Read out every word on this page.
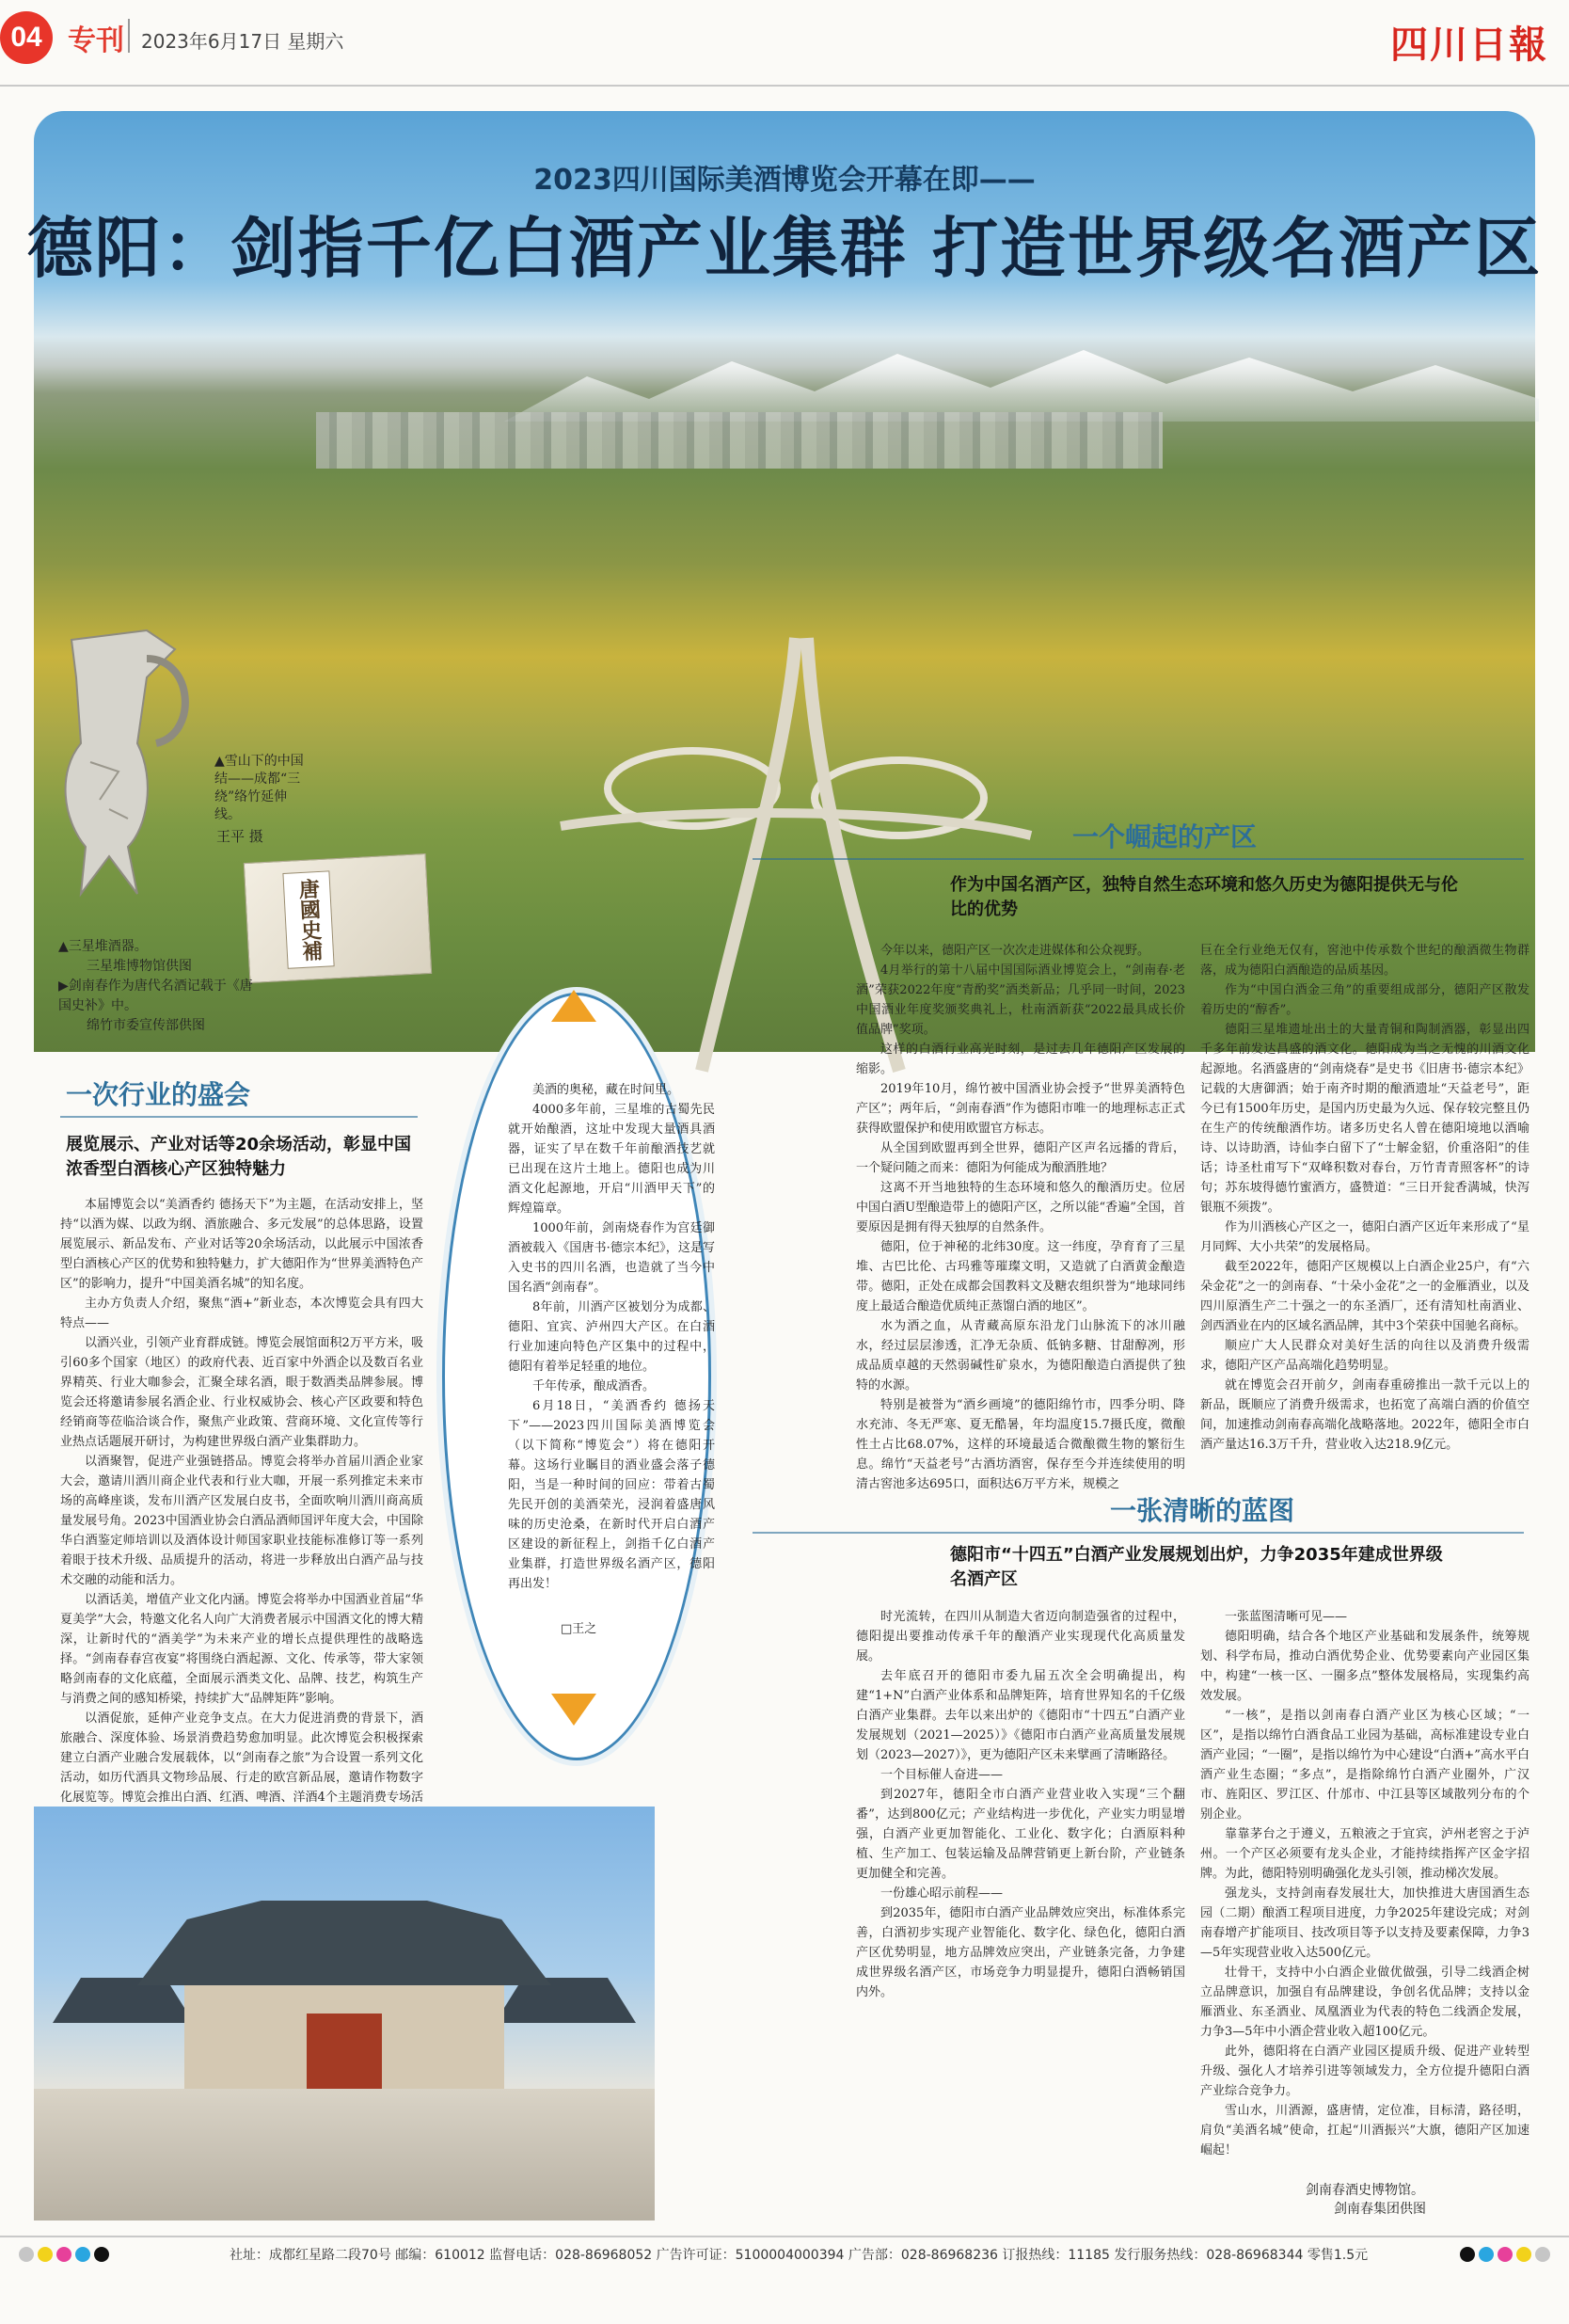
04 专刊 2023年6月17日 星期六	四川日報
2023四川国际美酒博览会开幕在即——
德阳：剑指千亿白酒产业集群 打造世界级名酒产区
▲雪山下的中国结——成都“三绕”络竹延伸线。
王平 摄
唐國史補
▲三星堆酒器。
三星堆博物馆供图
▶剑南春作为唐代名酒记载于《唐国史补》中。
绵竹市委宣传部供图
一次行业的盛会
展览展示、产业对话等20余场活动，彰显中国浓香型白酒核心产区独特魅力

本届博览会以“美酒香约 德扬天下”为主题，在活动安排上，坚持“以酒为媒、以政为纲、酒旅融合、多元发展”的总体思路，设置展览展示、新品发布、产业对话等20余场活动，以此展示中国浓香型白酒核心产区的优势和独特魅力，扩大德阳作为“世界美酒特色产区”的影响力，提升“中国美酒名城”的知名度。

主办方负责人介绍，聚焦“酒+”新业态，本次博览会具有四大特点——

以酒兴业，引领产业育群成链。博览会展馆面积2万平方米，吸引60多个国家（地区）的政府代表、近百家中外酒企以及数百名业界精英、行业大咖参会，汇聚全球名酒，眼于数酒类品牌参展。博览会还将邀请参展名酒企业、行业权威协会、核心产区政要和特色经销商等莅临洽谈合作，聚焦产业政策、营商环境、文化宣传等行业热点话题展开研讨，为构建世界级白酒产业集群助力。

以酒聚智，促进产业强链搭品。博览会将举办首届川酒企业家大会，邀请川酒川商企业代表和行业大咖，开展一系列推定未来市场的高峰座谈，发布川酒产区发展白皮书，全面吹响川酒川商高质量发展号角。2023中国酒业协会白酒品酒师国评年度大会，中国除华白酒鉴定师培训以及酒体设计师国家职业技能标准修订等一系列着眼于技术升级、品质提升的活动，将进一步释放出白酒产品与技术交融的动能和活力。

以酒话美，增值产业文化内涵。博览会将举办中国酒业首届“华夏美学”大会，特邀文化名人向广大消费者展示中国酒文化的博大精深，让新时代的“酒美学”为未来产业的增长点提供理性的战略选择。“剑南春春宫夜宴”将围绕白酒起源、文化、传承等，带大家领略剑南春的文化底蕴，全面展示酒类文化、品牌、技艺，构筑生产与消费之间的感知桥梁，持续扩大“品牌矩阵”影响。

以酒促旅，延伸产业竞争支点。在大力促进消费的背景下，酒旅融合、深度体验、场景消费趋势愈加明显。此次博览会积极探索建立白酒产业融合发展载体，以“剑南春之旅”为合设置一系列文化活动，如历代酒具文物珍品展、行走的欧宫新品展，邀请作物数字化展览等。博览会推出白酒、红酒、啤酒、洋酒4个主题消费专场活

美酒的奥秘，藏在时间里。

4000多年前，三星堆的古蜀先民就开始酿酒，这址中发现大量酒具酒器，证实了早在数千年前酿酒技艺就已出现在这片土地上。德阳也成为川酒文化起源地，开启“川酒甲天下”的辉煌篇章。

1000年前，剑南烧春作为宫廷御酒被载入《国唐书·德宗本纪》，这是写入史书的四川名酒，也造就了当今中国名酒“剑南春”。

8年前，川酒产区被划分为成都、德阳、宜宾、泸州四大产区。在白酒行业加速向特色产区集中的过程中，德阳有着举足轻重的地位。

千年传承，酿成酒香。

6月18日，“美酒香约 德扬天下”——2023四川国际美酒博览会（以下简称“博览会”）将在德阳开幕。这场行业瞩目的酒业盛会落子德阳，当是一种时间的回应：带着古蜀先民开创的美酒荣光，浸润着盛唐风味的历史沧桑，在新时代开启白酒产区建设的新征程上，剑指千亿白酒产业集群，打造世界级名酒产区，德阳再出发！

□王之
一个崛起的产区
作为中国名酒产区，独特自然生态环境和悠久历史为德阳提供无与伦比的优势

今年以来，德阳产区一次次走进媒体和公众视野。

4月举行的第十八届中国国际酒业博览会上，“剑南春·老酒”荣获2022年度“青酌奖”酒类新品；几乎同一时间，2023中国酒业年度奖颁奖典礼上，杜南酒新获“2022最具成长价值品牌”奖项。

这样的白酒行业高光时刻，是过去几年德阳产区发展的缩影。

2019年10月，绵竹被中国酒业协会授予“世界美酒特色产区”；两年后，“剑南春酒”作为德阳市唯一的地理标志正式获得欧盟保护和使用欧盟官方标志。

从全国到欧盟再到全世界，德阳产区声名远播的背后，一个疑问随之而来：德阳为何能成为酿酒胜地？

这离不开当地独特的生态环境和悠久的酿酒历史。位居中国白酒U型酿造带上的德阳产区，之所以能“香遍”全国，首要原因是拥有得天独厚的自然条件。

德阳，位于神秘的北纬30度。这一纬度，孕育育了三星堆、古巴比伦、古玛雅等璀璨文明，又造就了白酒黄金酿造带。德阳，正处在成都会国教料文及糖农组织誉为“地球同纬度上最适合酿造优质纯正蒸馏白酒的地区”。

水为酒之血，从青藏高原东沿龙门山脉流下的冰川融水，经过层层渗透，汇净无杂质、低钠多糖、甘甜醇冽，形成品质卓越的天然弱碱性矿泉水，为德阳酿造白酒提供了独特的水源。

特别是被誉为“酒乡画境”的德阳绵竹市，四季分明、降水充沛、冬无严寒、夏无酷暑，年均温度15.7摄氏度，微酿性土占比68.07%，这样的环境最适合微酿微生物的繁衍生息。绵竹“天益老号”古酒坊酒窖，保存至今并连续使用的明清古窖池多达695口，面积达6万平方米，规模之

巨在全行业绝无仅有，窖池中传承数个世纪的酿酒微生物群落，成为德阳白酒酿造的品质基因。

作为“中国白酒金三角”的重要组成部分，德阳产区散发着历史的“醇香”。

德阳三星堆遗址出土的大量青铜和陶制酒器，彰显出四千多年前发达昌盛的酒文化。德阳成为当之无愧的川酒文化起源地。名酒盛唐的“剑南烧春”是史书《旧唐书·德宗本纪》记载的大唐御酒；始于南齐时期的酿酒遗址“天益老号”，距今已有1500年历史，是国内历史最为久远、保存较完整且仍在生产的传统酿酒作坊。诸多历史名人曾在德阳境地以酒喻诗、以诗助酒，诗仙李白留下了“士解金貂，价重洛阳”的佳话；诗圣杜甫写下“双峰积数对春台，万竹青青照客杯”的诗句；苏东坡得德竹蜜酒方，盛赞道：“三日开瓮香满城，快泻银瓶不须拨”。

作为川酒核心产区之一，德阳白酒产区近年来形成了“星月同辉、大小共荣”的发展格局。

截至2022年，德阳产区规模以上白酒企业25户，有“六朵金花”之一的剑南春、“十朵小金花”之一的金雁酒业，以及四川原酒生产二十强之一的东圣酒厂，还有清知杜南酒业、剑西酒业在内的区域名酒品牌，其中3个荣获中国驰名商标。

顺应广大人民群众对美好生活的向往以及消费升级需求，德阳产区产品高端化趋势明显。

就在博览会召开前夕，剑南春重磅推出一款千元以上的新品，既顺应了消费升级需求，也拓宽了高端白酒的价值空间，加速推动剑南春高端化战略落地。2022年，德阳全市白酒产量达16.3万千升，营业收入达218.9亿元。

一张清晰的蓝图
德阳市“十四五”白酒产业发展规划出炉，力争2035年建成世界级名酒产区

时光流转，在四川从制造大省迈向制造强省的过程中，德阳提出要推动传承千年的酿酒产业实现现代化高质量发展。

去年底召开的德阳市委九届五次全会明确提出，构建“1+N”白酒产业体系和品牌矩阵，培育世界知名的千亿级白酒产业集群。去年以来出炉的《德阳市“十四五”白酒产业发展规划（2021—2025）》《德阳市白酒产业高质量发展规划（2023—2027）》，更为德阳产区未来擘画了清晰路径。

一个目标催人奋进——

到2027年，德阳全市白酒产业营业收入实现“三个翻番”，达到800亿元；产业结构进一步优化，产业实力明显增强，白酒产业更加智能化、工业化、数字化；白酒原料种植、生产加工、包装运输及品牌营销更上新台阶，产业链条更加健全和完善。

一份雄心昭示前程——

到2035年，德阳市白酒产业品牌效应突出，标准体系完善，白酒初步实现产业智能化、数字化、绿色化，德阳白酒产区优势明显，地方品牌效应突出，产业链条完备，力争建成世界级名酒产区，市场竞争力明显提升，德阳白酒畅销国内外。

一张蓝图清晰可见——

德阳明确，结合各个地区产业基础和发展条件，统筹规划、科学布局，推动白酒优势企业、优势要素向产业园区集中，构建“一核一区、一圈多点”整体发展格局，实现集约高效发展。

“一核”，是指以剑南春白酒产业区为核心区域；“一区”，是指以绵竹白酒食品工业园为基础，高标准建设专业白酒产业园；“一圈”，是指以绵竹为中心建设“白酒+”高水平白酒产业生态圈；“多点”，是指除绵竹白酒产业圈外，广汉市、旌阳区、罗江区、什邡市、中江县等区域散列分布的个别企业。

靠靠茅台之于遵义，五粮液之于宜宾，泸州老窖之于泸州。一个产区必须要有龙头企业，才能持续指挥产区金字招牌。为此，德阳特别明确强化龙头引领，推动梯次发展。

强龙头，支持剑南春发展壮大，加快推进大唐国酒生态园（二期）酿酒工程项目进度，力争2025年建设完成；对剑南春增产扩能项目、技改项目等予以支持及要素保障，力争3—5年实现营业收入达500亿元。

壮骨干，支持中小白酒企业做优做强，引导二线酒企树立品牌意识，加强自有品牌建设，争创名优品牌；支持以金雁酒业、东圣酒业、凤凰酒业为代表的特色二线酒企发展，力争3—5年中小酒企营业收入超100亿元。

此外，德阳将在白酒产业园区提质升级、促进产业转型升级、强化人才培养引进等领域发力，全方位提升德阳白酒产业综合竞争力。

雪山水，川酒源，盛唐情，定位准，目标清，路径明，肩负“美酒名城”使命，扛起“川酒振兴”大旗，德阳产区加速崛起！

剑南春酒史博物馆。
剑南春集团供图
社址：成都红星路二段70号 邮编：610012 监督电话：028-86968052 广告许可证：5100004000394 广告部：028-86968236 订报热线：11185 发行服务热线：028-86968344 零售1.5元
